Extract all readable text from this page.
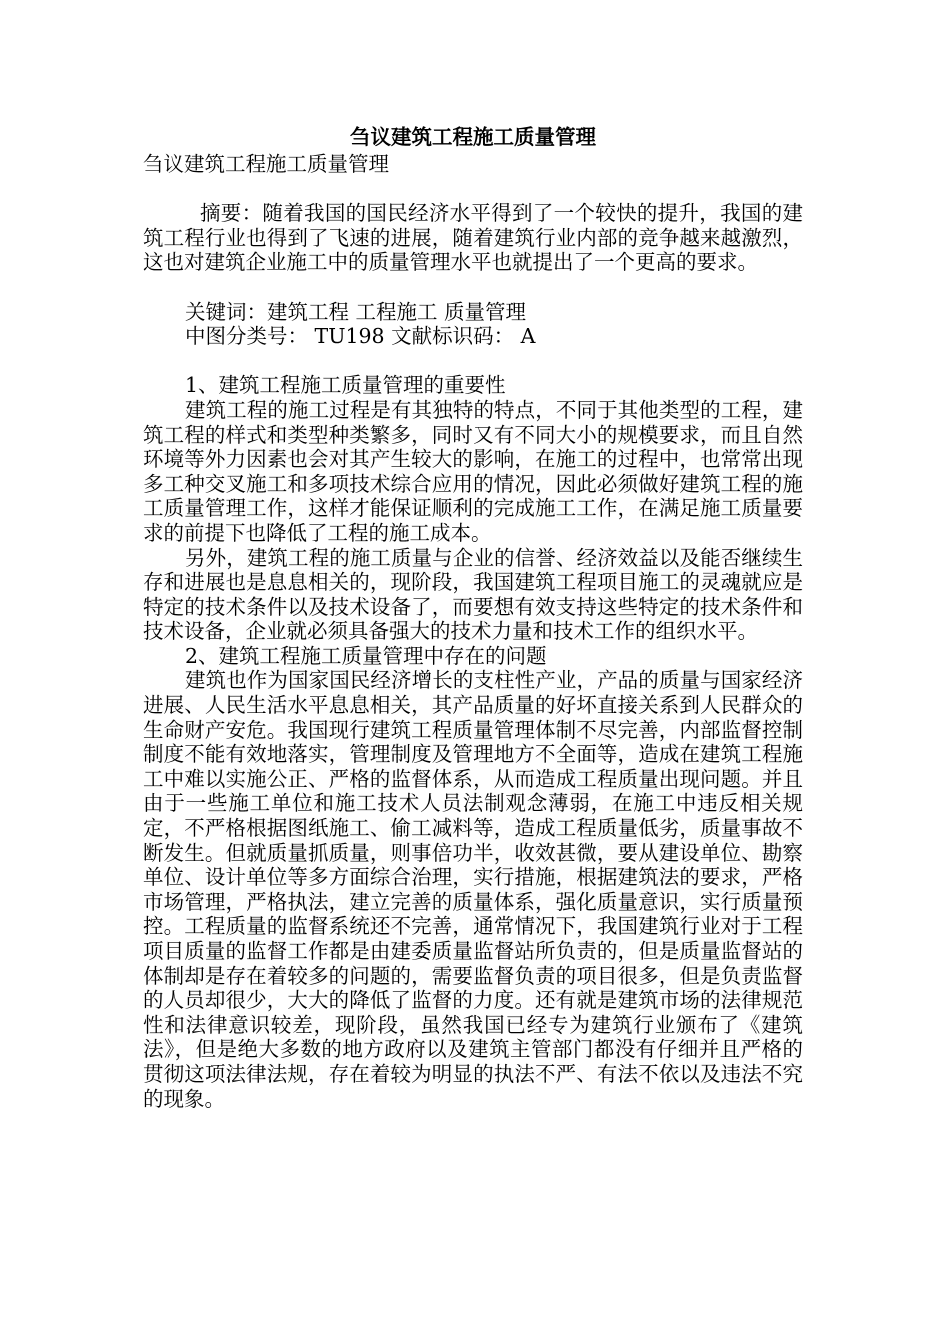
刍议建筑工程施工质量管理
刍议建筑工程施工质量管理
摘要：随着我国的国民经济水平得到了一个较快的提升，我国的建筑工程行业也得到了飞速的进展，随着建筑行业内部的竞争越来越激烈，这也对建筑企业施工中的质量管理水平也就提出了一个更高的要求。
关键词：建筑工程 工程施工 质量管理
中图分类号： TU198 文献标识码： A
1、建筑工程施工质量管理的重要性
建筑工程的施工过程是有其独特的特点，不同于其他类型的工程，建筑工程的样式和类型种类繁多，同时又有不同大小的规模要求，而且自然环境等外力因素也会对其产生较大的影响，在施工的过程中，也常常出现多工种交叉施工和多项技术综合应用的情况，因此必须做好建筑工程的施工质量管理工作，这样才能保证顺利的完成施工工作，在满足施工质量要求的前提下也降低了工程的施工成本。
另外，建筑工程的施工质量与企业的信誉、经济效益以及能否继续生存和进展也是息息相关的，现阶段，我国建筑工程项目施工的灵魂就应是特定的技术条件以及技术设备了，而要想有效支持这些特定的技术条件和技术设备，企业就必须具备强大的技术力量和技术工作的组织水平。
2、建筑工程施工质量管理中存在的问题
建筑也作为国家国民经济增长的支柱性产业，产品的质量与国家经济进展、人民生活水平息息相关，其产品质量的好坏直接关系到人民群众的生命财产安危。我国现行建筑工程质量管理体制不尽完善，内部监督控制制度不能有效地落实，管理制度及管理地方不全面等，造成在建筑工程施工中难以实施公正、严格的监督体系，从而造成工程质量出现问题。并且由于一些施工单位和施工技术人员法制观念薄弱，在施工中违反相关规定，不严格根据图纸施工、偷工减料等，造成工程质量低劣，质量事故不断发生。但就质量抓质量，则事倍功半，收效甚微，要从建设单位、勘察单位、设计单位等多方面综合治理，实行措施，根据建筑法的要求，严格市场管理，严格执法，建立完善的质量体系，强化质量意识，实行质量预控。工程质量的监督系统还不完善，通常情况下，我国建筑行业对于工程项目质量的监督工作都是由建委质量监督站所负责的，但是质量监督站的体制却是存在着较多的问题的，需要监督负责的项目很多，但是负责监督的人员却很少，大大的降低了监督的力度。还有就是建筑市场的法律规范性和法律意识较差，现阶段，虽然我国已经专为建筑行业颁布了《建筑法》，但是绝大多数的地方政府以及建筑主管部门都没有仔细并且严格的贯彻这项法律法规，存在着较为明显的执法不严、有法不依以及违法不究的现象。
